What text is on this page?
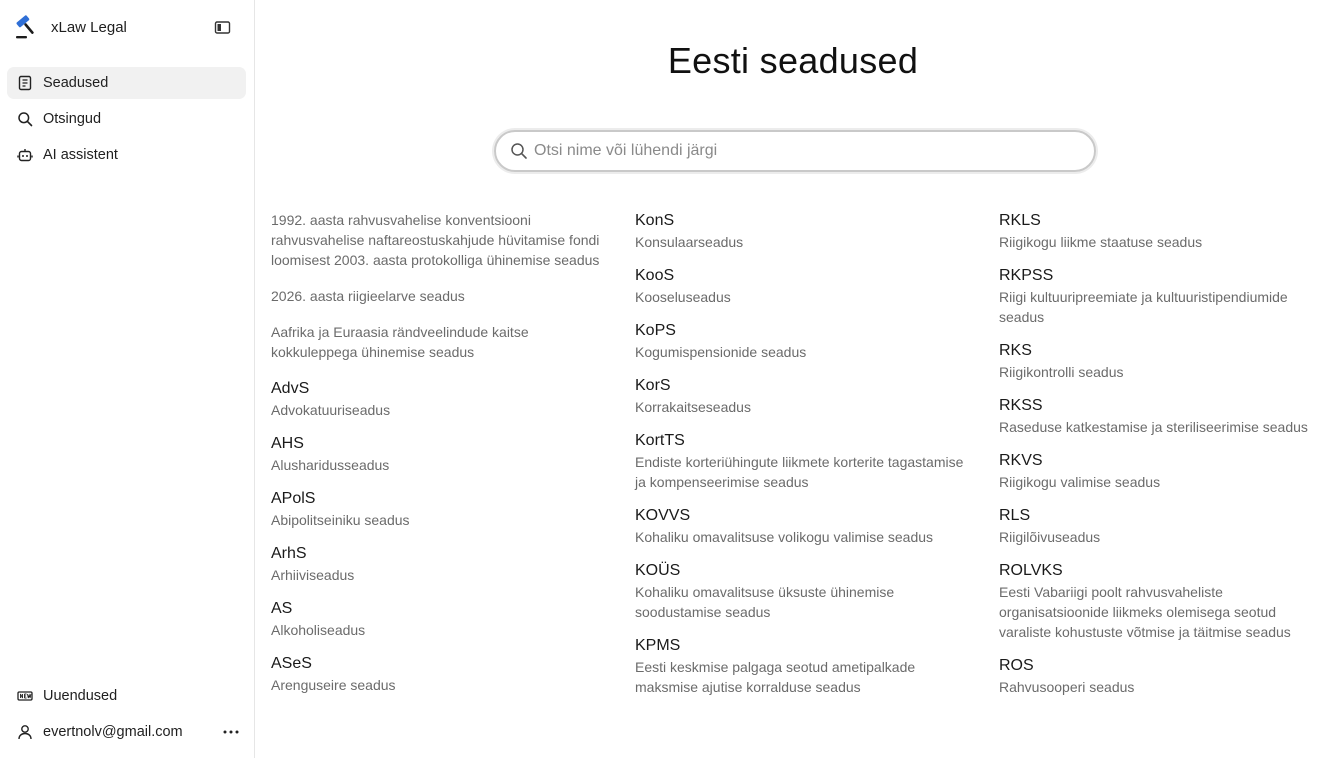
xLaw Legal
Seadused
Otsingud
AI assistent
Uuendused
evertnolv@gmail.com
Eesti seadused
Otsi nime või lühendi järgi
1992. aasta rahvusvahelise konventsiooni rahvusvahelise naftareostuskahjude hüvitamise fondi loomisest 2003. aasta protokolliga ühinemise seadus
2026. aasta riigieelarve seadus
Aafrika ja Euraasia rändveelindude kaitse kokkuleppega ühinemise seadus
AdvS
Advokatuuriseadus
AHS
Alusharidusseadus
APolS
Abipolitseiniku seadus
ArhS
Arhiiviseadus
AS
Alkoholiseadus
ASeS
Arenguseire seadus
KonS
Konsulaarseadus
KooS
Kooseluseadus
KoPS
Kogumispensionide seadus
KorS
Korrakaitseseadus
KortTS
Endiste korteriühingute liikmete korterite tagastamise ja kompenseerimise seadus
KOVVS
Kohaliku omavalitsuse volikogu valimise seadus
KOÜS
Kohaliku omavalitsuse üksuste ühinemise soodustamise seadus
KPMS
Eesti keskmise palgaga seotud ametipalkade maksmise ajutise korralduse seadus
RKLS
Riigikogu liikme staatuse seadus
RKPSS
Riigi kultuuripreemiate ja kultuuristipendiumide seadus
RKS
Riigikontrolli seadus
RKSS
Raseduse katkestamise ja steriliseerimise seadus
RKVS
Riigikogu valimise seadus
RLS
Riigilõivuseadus
ROLVKS
Eesti Vabariigi poolt rahvusvaheliste organisatsioonide liikmeks olemisega seotud varaliste kohustuste võtmise ja täitmise seadus
ROS
Rahvusooperi seadus
